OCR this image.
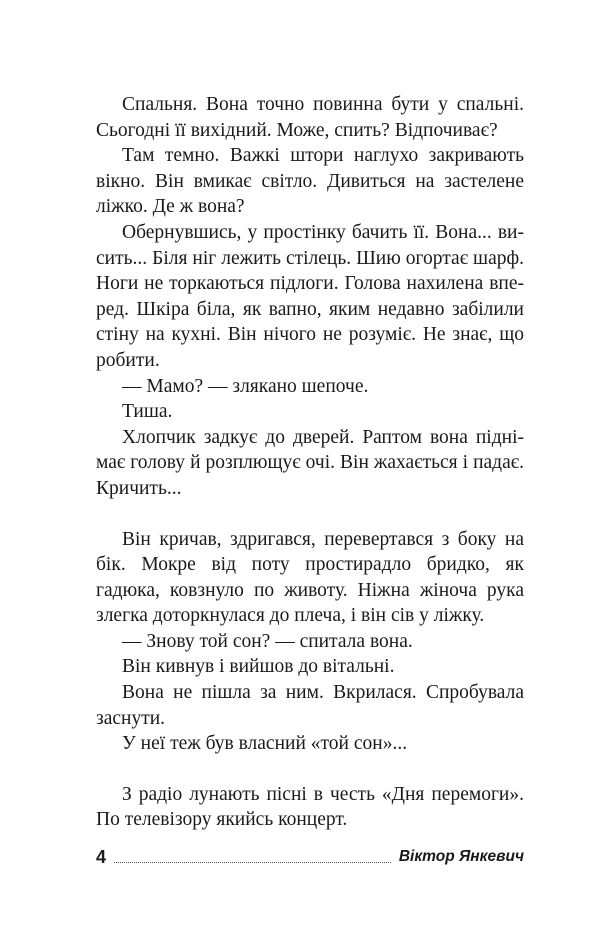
Спальня. Вона точно повинна бути у спальні. Сьогодні її вихідний. Може, спить? Відпочиває?

Там темно. Важкі штори наглухо закривають вікно. Він вмикає світло. Дивиться на застелене ліжко. Де ж вона?

Обернувшись, у простінку бачить її. Вона... висить... Біля ніг лежить стілець. Шию огортає шарф. Ноги не торкаються підлоги. Голова нахилена вперед. Шкіра біла, як вапно, яким недавно забілили стіну на кухні. Він нічого не розуміє. Не знає, що робити.

— Мамо? — злякано шепоче.

Тиша.

Хлопчик задкує до дверей. Раптом вона піднімає голову й розплющує очі. Він жахається і падає. Кричить...

Він кричав, здригався, перевертався з боку на бік. Мокре від поту простирадло бридко, як гадюка, ковзнуло по животу. Ніжна жіноча рука злегка доторкнулася до плеча, і він сів у ліжку.

— Знову той сон? — спитала вона.

Він кивнув і вийшов до вітальні.

Вона не пішла за ним. Вкрилася. Спробувала заснути.

У неї теж був власний «той сон»...

З радіо лунають пісні в честь «Дня перемоги». По телевізору якийсь концерт.

4	Віктор Янкевич
